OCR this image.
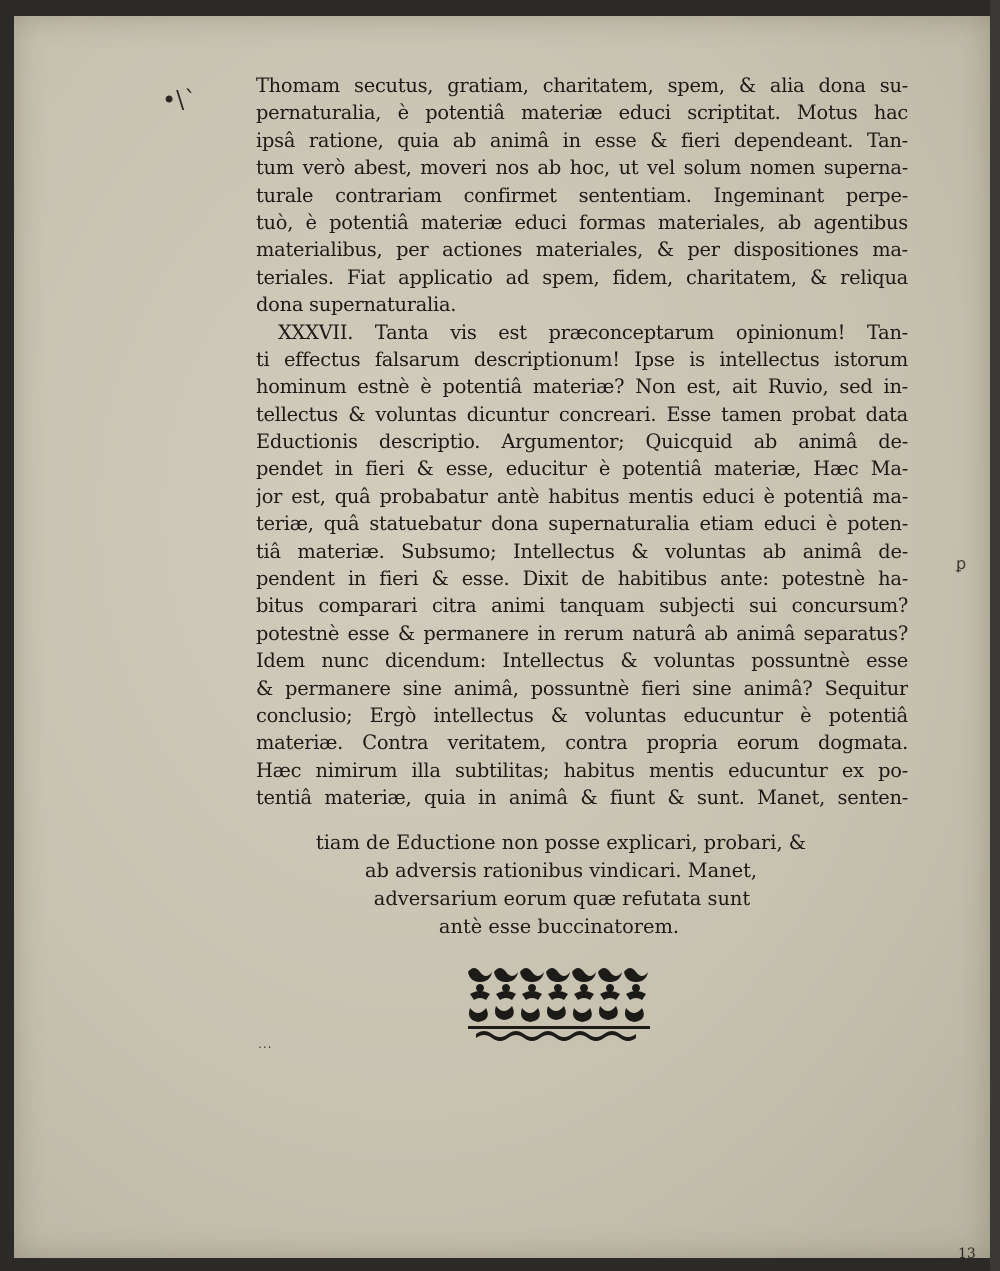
•\ˋ
ꝑ
Thomam secutus, gratiam, charitatem, spem, & alia dona su-
pernaturalia, è potentiâ materiæ educi scriptitat. Motus hac
ipsâ ratione, quia ab animâ in esse & fieri dependeant. Tan-
tum verò abest, moveri nos ab hoc, ut vel solum nomen superna-
turale contrariam confirmet sententiam. Ingeminant perpe-
tuò, è potentiâ materiæ educi formas materiales, ab agentibus
materialibus, per actiones materiales, & per dispositiones ma-
teriales. Fiat applicatio ad spem, fidem, charitatem, & reliqua
dona supernaturalia.
XXXVII. Tanta vis est præconceptarum opinionum! Tan-
ti effectus falsarum descriptionum! Ipse is intellectus istorum
hominum estnè è potentiâ materiæ? Non est, ait Ruvio, sed in-
tellectus & voluntas dicuntur concreari. Esse tamen probat data
Eductionis descriptio. Argumentor; Quicquid ab animâ de-
pendet in fieri & esse, educitur è potentiâ materiæ, Hæc Ma-
jor est, quâ probabatur antè habitus mentis educi è potentiâ ma-
teriæ, quâ statuebatur dona supernaturalia etiam educi è poten-
tiâ materiæ. Subsumo; Intellectus & voluntas ab animâ de-
pendent in fieri & esse. Dixit de habitibus ante: potestnè ha-
bitus comparari citra animi tanquam subjecti sui concursum?
potestnè esse & permanere in rerum naturâ ab animâ separatus?
Idem nunc dicendum: Intellectus & voluntas possuntnè esse
& permanere sine animâ, possuntnè fieri sine animâ? Sequitur
conclusio; Ergò intellectus & voluntas educuntur è potentiâ
materiæ. Contra veritatem, contra propria eorum dogmata.
Hæc nimirum illa subtilitas; habitus mentis educuntur ex po-
tentiâ materiæ, quia in animâ & fiunt & sunt. Manet, senten-
tiam de Eductione non posse explicari, probari, &
ab adversis rationibus vindicari. Manet,
adversarium eorum quæ refutata sunt
antè esse buccinatorem.
...
13
